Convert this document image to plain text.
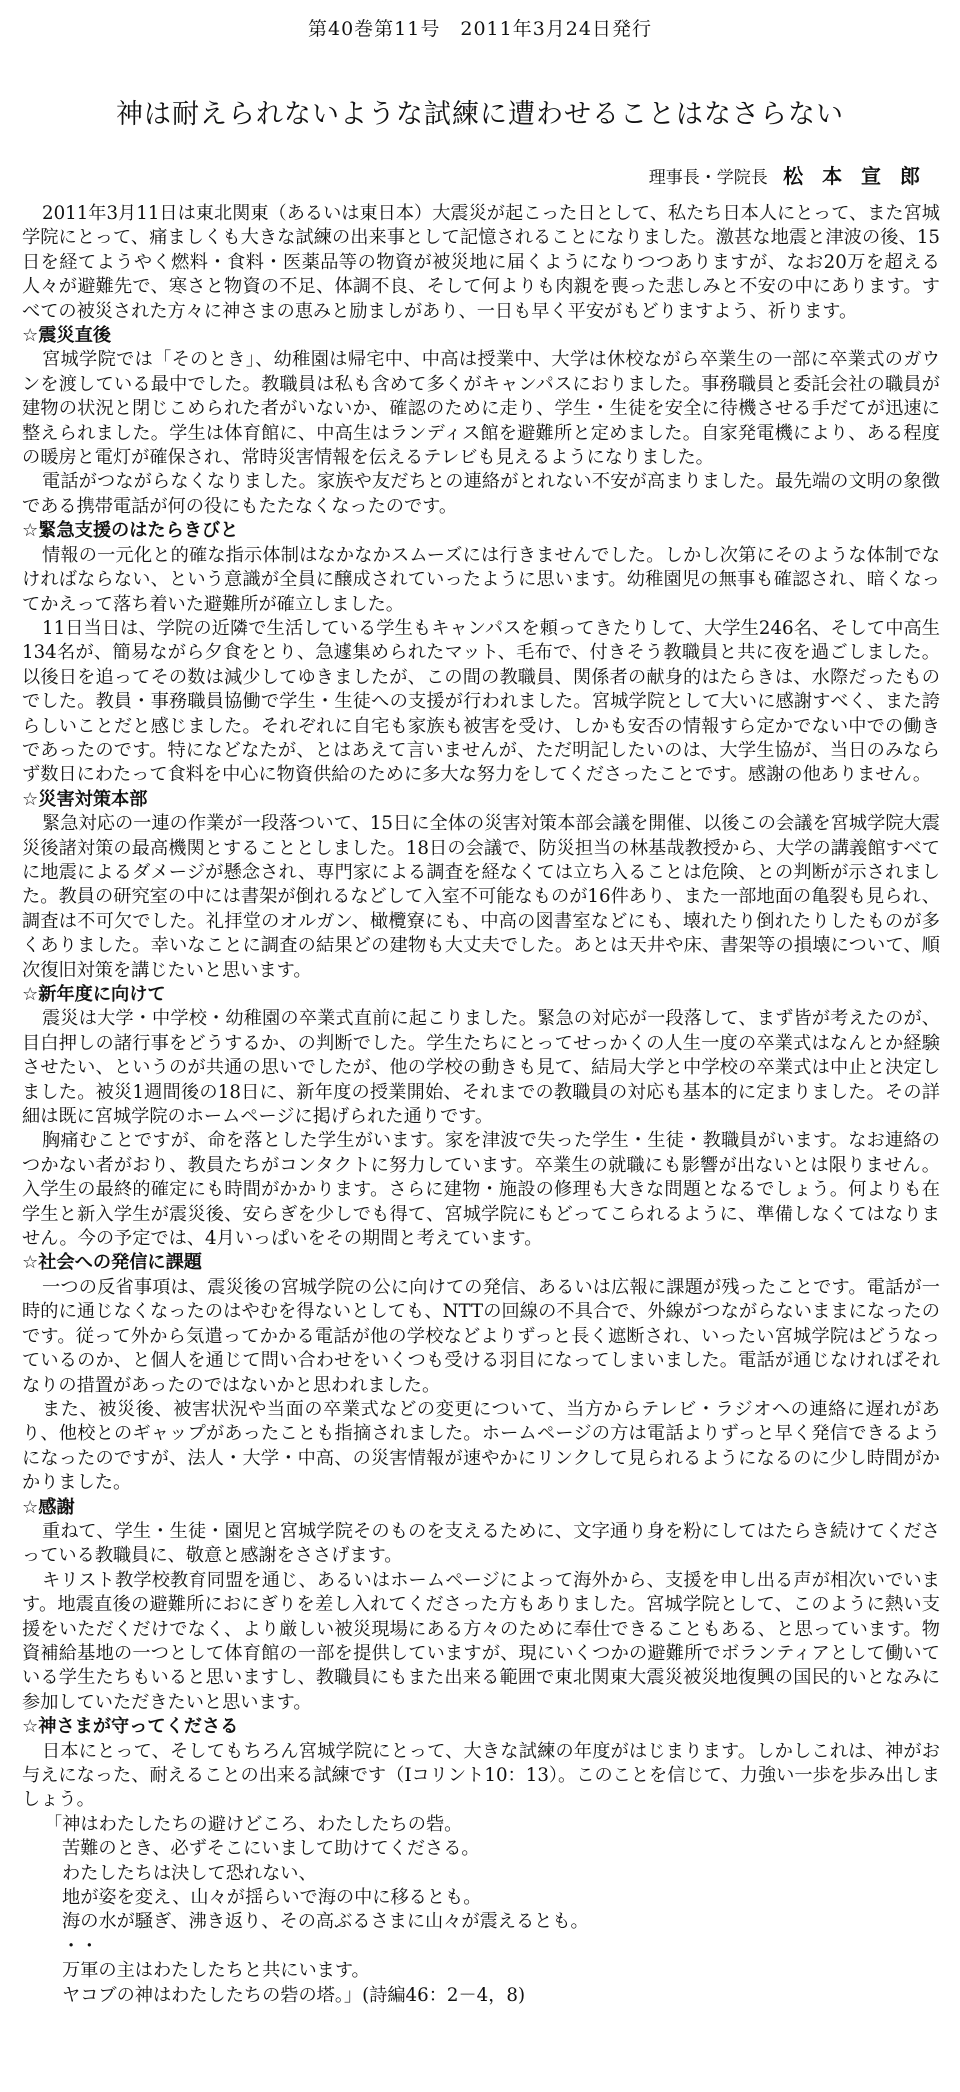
第40巻第11号　2011年3月24日発行
神は耐えられないような試練に遭わせることはなさらない
理事長・学院長 松 本 宣 郎

2011年3月11日は東北関東（あるいは東日本）大震災が起こった日として、私たち日本人にとって、また宮城学院にとって、痛ましくも大きな試練の出来事として記憶されることになりました。激甚な地震と津波の後、15日を経てようやく燃料・食料・医薬品等の物資が被災地に届くようになりつつありますが、なお20万を超える人々が避難先で、寒さと物資の不足、体調不良、そして何よりも肉親を喪った悲しみと不安の中にあります。すべての被災された方々に神さまの恵みと励ましがあり、一日も早く平安がもどりますよう、祈ります。

☆震災直後

宮城学院では「そのとき」、幼稚園は帰宅中、中高は授業中、大学は休校ながら卒業生の一部に卒業式のガウンを渡している最中でした。教職員は私も含めて多くがキャンパスにおりました。事務職員と委託会社の職員が建物の状況と閉じこめられた者がいないか、確認のために走り、学生・生徒を安全に待機させる手だてが迅速に整えられました。学生は体育館に、中高生はランディス館を避難所と定めました。自家発電機により、ある程度の暖房と電灯が確保され、常時災害情報を伝えるテレビも見えるようになりました。

電話がつながらなくなりました。家族や友だちとの連絡がとれない不安が高まりました。最先端の文明の象徴である携帯電話が何の役にもたたなくなったのです。

☆緊急支援のはたらきびと

情報の一元化と的確な指示体制はなかなかスムーズには行きませんでした。しかし次第にそのような体制でなければならない、という意識が全員に醸成されていったように思います。幼稚園児の無事も確認され、暗くなってかえって落ち着いた避難所が確立しました。

11日当日は、学院の近隣で生活している学生もキャンパスを頼ってきたりして、大学生246名、そして中高生134名が、簡易ながら夕食をとり、急遽集められたマット、毛布で、付きそう教職員と共に夜を過ごしました。以後日を追ってその数は減少してゆきましたが、この間の教職員、関係者の献身的はたらきは、水際だったものでした。教員・事務職員協働で学生・生徒への支援が行われました。宮城学院として大いに感謝すべく、また誇らしいことだと感じました。それぞれに自宅も家族も被害を受け、しかも安否の情報すら定かでない中での働きであったのです。特になどなたが、とはあえて言いませんが、ただ明記したいのは、大学生協が、当日のみならず数日にわたって食料を中心に物資供給のために多大な努力をしてくださったことです。感謝の他ありません。

☆災害対策本部

緊急対応の一連の作業が一段落ついて、15日に全体の災害対策本部会議を開催、以後この会議を宮城学院大震災後諸対策の最高機関とすることとしました。18日の会議で、防災担当の林基哉教授から、大学の講義館すべてに地震によるダメージが懸念され、専門家による調査を経なくては立ち入ることは危険、との判断が示されました。教員の研究室の中には書架が倒れるなどして入室不可能なものが16件あり、また一部地面の亀裂も見られ、調査は不可欠でした。礼拝堂のオルガン、橄欖寮にも、中高の図書室などにも、壊れたり倒れたりしたものが多くありました。幸いなことに調査の結果どの建物も大丈夫でした。あとは天井や床、書架等の損壊について、順次復旧対策を講じたいと思います。

☆新年度に向けて

震災は大学・中学校・幼稚園の卒業式直前に起こりました。緊急の対応が一段落して、まず皆が考えたのが、目白押しの諸行事をどうするか、の判断でした。学生たちにとってせっかくの人生一度の卒業式はなんとか経験させたい、というのが共通の思いでしたが、他の学校の動きも見て、結局大学と中学校の卒業式は中止と決定しました。被災1週間後の18日に、新年度の授業開始、それまでの教職員の対応も基本的に定まりました。その詳細は既に宮城学院のホームページに掲げられた通りです。

胸痛むことですが、命を落とした学生がいます。家を津波で失った学生・生徒・教職員がいます。なお連絡のつかない者がおり、教員たちがコンタクトに努力しています。卒業生の就職にも影響が出ないとは限りません。入学生の最終的確定にも時間がかかります。さらに建物・施設の修理も大きな問題となるでしょう。何よりも在学生と新入学生が震災後、安らぎを少しでも得て、宮城学院にもどってこられるように、準備しなくてはなりません。今の予定では、4月いっぱいをその期間と考えています。

☆社会への発信に課題

一つの反省事項は、震災後の宮城学院の公に向けての発信、あるいは広報に課題が残ったことです。電話が一時的に通じなくなったのはやむを得ないとしても、NTTの回線の不具合で、外線がつながらないままになったのです。従って外から気遣ってかかる電話が他の学校などよりずっと長く遮断され、いったい宮城学院はどうなっているのか、と個人を通じて問い合わせをいくつも受ける羽目になってしまいました。電話が通じなければそれなりの措置があったのではないかと思われました。

また、被災後、被害状況や当面の卒業式などの変更について、当方からテレビ・ラジオへの連絡に遅れがあり、他校とのギャップがあったことも指摘されました。ホームページの方は電話よりずっと早く発信できるようになったのですが、法人・大学・中高、の災害情報が速やかにリンクして見られるようになるのに少し時間がかかりました。

☆感謝

重ねて、学生・生徒・園児と宮城学院そのものを支えるために、文字通り身を粉にしてはたらき続けてくださっている教職員に、敬意と感謝をささげます。

キリスト教学校教育同盟を通じ、あるいはホームページによって海外から、支援を申し出る声が相次いでいます。地震直後の避難所におにぎりを差し入れてくださった方もありました。宮城学院として、このように熱い支援をいただくだけでなく、より厳しい被災現場にある方々のために奉仕できることもある、と思っています。物資補給基地の一つとして体育館の一部を提供していますが、現にいくつかの避難所でボランティアとして働いている学生たちもいると思いますし、教職員にもまた出来る範囲で東北関東大震災被災地復興の国民的いとなみに参加していただきたいと思います。

☆神さまが守ってくださる

日本にとって、そしてもちろん宮城学院にとって、大きな試練の年度がはじまります。しかしこれは、神がお与えになった、耐えることの出来る試練です（Iコリント10：13）。このことを信じて、力強い一歩を歩み出しましょう。

「神はわたしたちの避けどころ、わたしたちの砦。

苦難のとき、必ずそこにいまして助けてくださる。

わたしたちは決して恐れない、

地が姿を変え、山々が揺らいで海の中に移るとも。

海の水が騒ぎ、沸き返り、その高ぶるさまに山々が震えるとも。

・・

万軍の主はわたしたちと共にいます。

ヤコブの神はわたしたちの砦の塔。」(詩編46：2－4，8)
